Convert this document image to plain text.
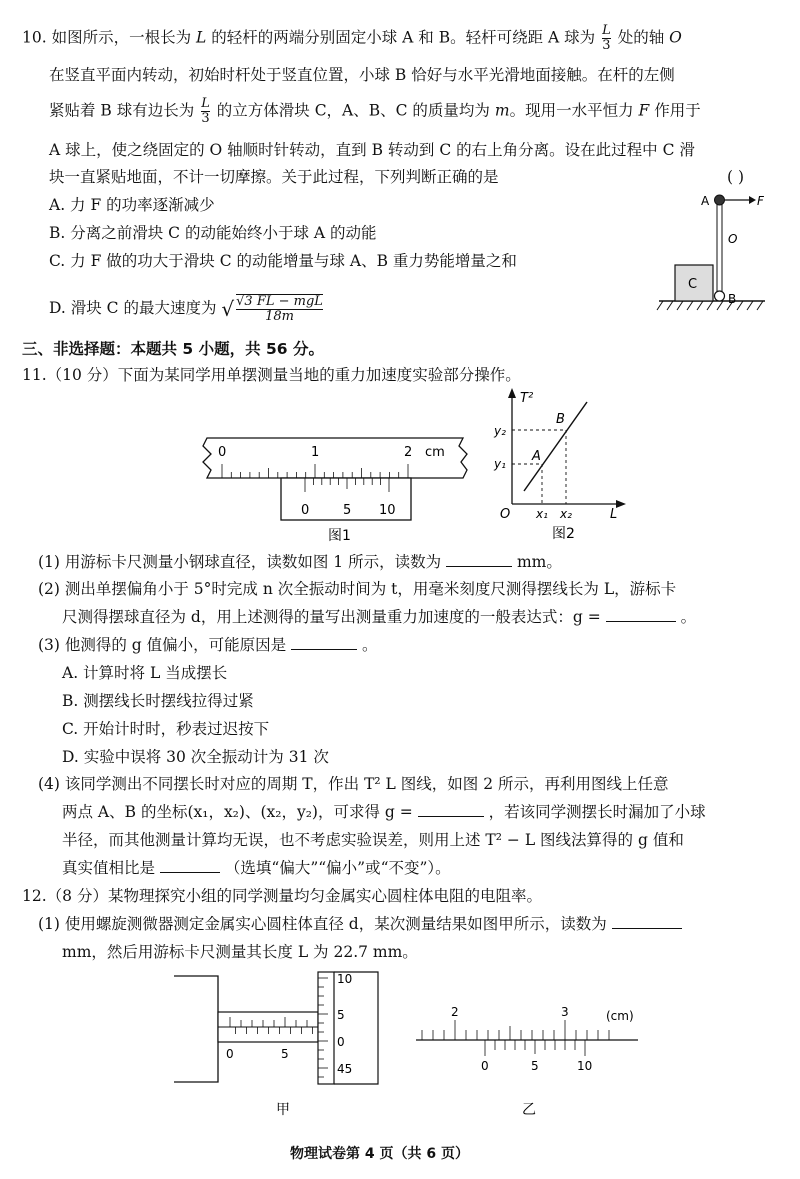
10. 如图所示，一根长为 L 的轻杆的两端分别固定小球 A 和 B。轻杆可绕距 A 球为 $\frac{L}{3}$ 处的轴 O
在竖直平面内转动，初始时杆处于竖直位置，小球 B 恰好与水平光滑地面接触。在杆的左侧
紧贴着 B 球有边长为 $\frac{L}{3}$ 的立方体滑块 C，A、B、C 的质量均为 m。现用一水平恒力 F 作用于
A 球上，使之绕固定的 O 轴顺时针转动，直到 B 转动到 C 的右上角分离。设在此过程中 C 滑
块一直紧贴地面，不计一切摩擦。关于此过程，下列判断正确的是	( )
A. 力 F 的功率逐渐减少
B. 分离之前滑块 C 的动能始终小于球 A 的动能
C. 力 F 做的功大于滑块 C 的动能增量与球 A、B 重力势能增量之和
D. 滑块 C 的最大速度为 √ $\frac{\text{√3 FL − mgL}}{18m}$
C
A	F
O
B
三、非选择题：本题共 5 小题，共 56 分。
11.（10 分）下面为某同学用单摆测量当地的重力加速度实验部分操作。
0	1	2 cm
0	5 10
图1
T²
y₂
y₁
B
A
O x₁ x₂	L
图2
(1) 用游标卡尺测量小钢球直径，读数如图 1 所示，读数为	mm。
(2) 测出单摆偏角小于 5°时完成 n 次全振动时间为 t，用毫米刻度尺测得摆线长为 L，游标卡
尺测得摆球直径为 d，用上述测得的量写出测量重力加速度的一般表达式：g =	。
(3) 他测得的 g 值偏小，可能原因是	。
A. 计算时将 L 当成摆长
B. 测摆线长时摆线拉得过紧
C. 开始计时时，秒表过迟按下
D. 实验中误将 30 次全振动计为 31 次
(4) 该同学测出不同摆长时对应的周期 T，作出 T² L 图线，如图 2 所示，再利用图线上任意
两点 A、B 的坐标(x₁，x₂)、(x₂，y₂)，可求得 g =	，若该同学测摆长时漏加了小球
半径，而其他测量计算均无误，也不考虑实验误差，则用上述 T² − L 图线法算得的 g 值和
真实值相比是	（选填“偏大”“偏小”或“不变”）。
12.（8 分）某物理探究小组的同学测量均匀金属实心圆柱体电阻的电阻率。
(1) 使用螺旋测微器测定金属实心圆柱体直径 d，某次测量结果如图甲所示，读数为
mm，然后用游标卡尺测量其长度 L 为 22.7 mm。
0	5
10
5
0
45
甲
2	3	(cm)
0	5	10
乙
物理试卷第 4 页（共 6 页）
